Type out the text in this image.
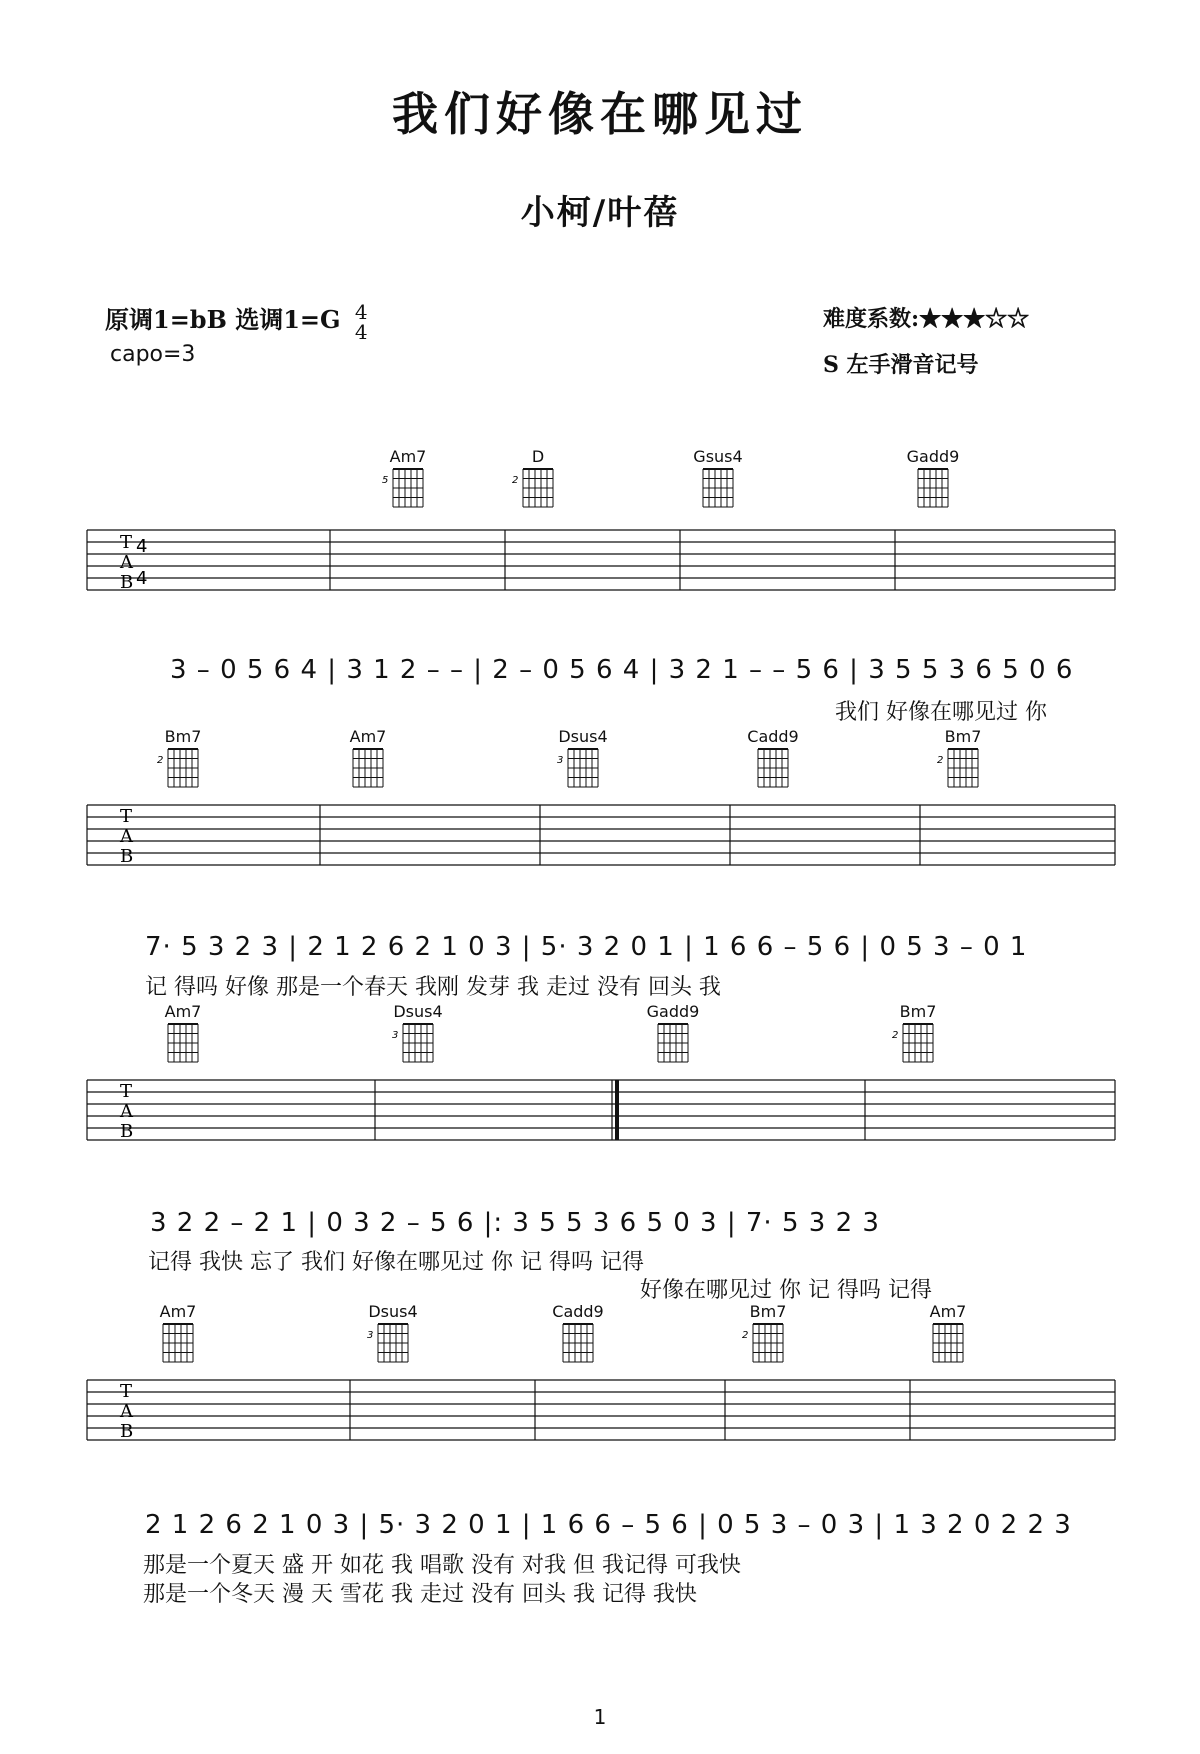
我们好像在哪见过
小柯/叶蓓
原调1=bB 选调1=G 4
4
capo=3
难度系数:★★★☆☆
S 左手滑音记号
T
A
B
4
4
3 – 0 5 6 4 | 3 1 2 – – | 2 – 0 5 6 4 | 3 2 1 – – 5 6 | 3 5 5 3 6 5 0 6
我们 好像在哪见过 你
T
A
B
7· 5 3 2 3 | 2 1 2 6 2 1 0 3 | 5· 3 2 0 1 | 1 6 6 – 5 6 | 0 5 3 – 0 1
记 得吗 好像 那是一个春天 我刚 发芽 我 走过 没有 回头 我
T
A
B
3 2 2 – 2 1 | 0 3 2 – 5 6 |: 3 5 5 3 6 5 0 3 | 7· 5 3 2 3
记得 我快 忘了 我们 好像在哪见过 你 记 得吗 记得
好像在哪见过 你 记 得吗 记得
T
A
B
2 1 2 6 2 1 0 3 | 5· 3 2 0 1 | 1 6 6 – 5 6 | 0 5 3 – 0 3 | 1 3 2 0 2 2 3
那是一个夏天 盛 开 如花 我 唱歌 没有 对我 但 我记得 可我快
那是一个冬天 漫 天 雪花 我 走过 没有 回头 我 记得 我快
Am7
5
D
2
Gsus4	Gadd9
Bm7
2
Am7	Dsus4
3
Cadd9	Bm7
2
Am7	Dsus4
3
Gadd9	Bm7
2
Am7	Dsus4
3
Cadd9	Bm7
2
Am7
1
